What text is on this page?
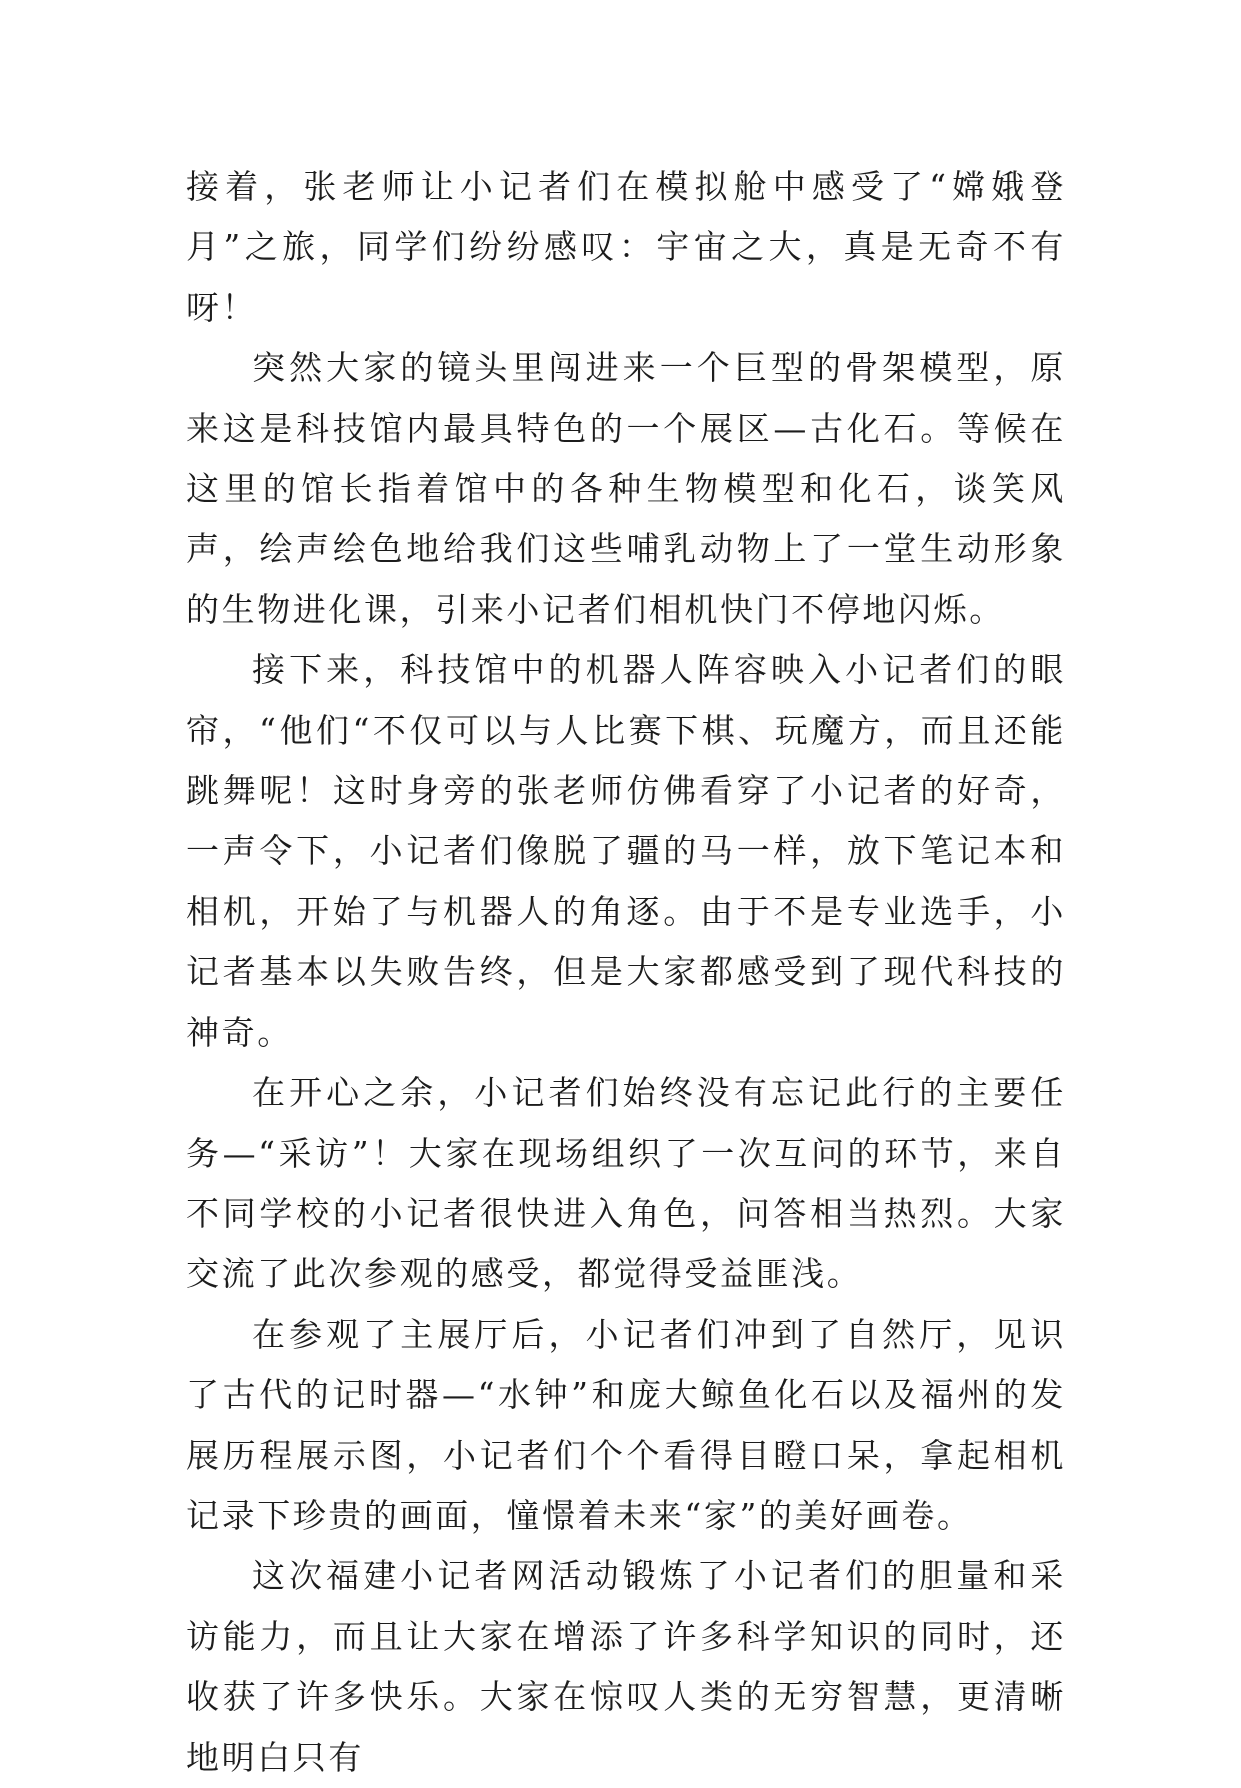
接着，张老师让小记者们在模拟舱中感受了“嫦娥登月”之旅，同学们纷纷感叹：宇宙之大，真是无奇不有呀！

突然大家的镜头里闯进来一个巨型的骨架模型，原来这是科技馆内最具特色的一个展区—古化石。等候在这里的馆长指着馆中的各种生物模型和化石，谈笑风声，绘声绘色地给我们这些哺乳动物上了一堂生动形象的生物进化课，引来小记者们相机快门不停地闪烁。

接下来，科技馆中的机器人阵容映入小记者们的眼帘，“他们“不仅可以与人比赛下棋、玩魔方，而且还能跳舞呢！这时身旁的张老师仿佛看穿了小记者的好奇，一声令下，小记者们像脱了疆的马一样，放下笔记本和相机，开始了与机器人的角逐。由于不是专业选手，小记者基本以失败告终，但是大家都感受到了现代科技的神奇。

在开心之余，小记者们始终没有忘记此行的主要任务—“采访”！大家在现场组织了一次互问的环节，来自不同学校的小记者很快进入角色，问答相当热烈。大家交流了此次参观的感受，都觉得受益匪浅。

在参观了主展厅后，小记者们冲到了自然厅，见识了古代的记时器—“水钟”和庞大鲸鱼化石以及福州的发展历程展示图，小记者们个个看得目瞪口呆，拿起相机记录下珍贵的画面，憧憬着未来“家”的美好画卷。

这次福建小记者网活动锻炼了小记者们的胆量和采访能力，而且让大家在增添了许多科学知识的同时，还收获了许多快乐。大家在惊叹人类的无穷智慧，更清晰地明白只有
